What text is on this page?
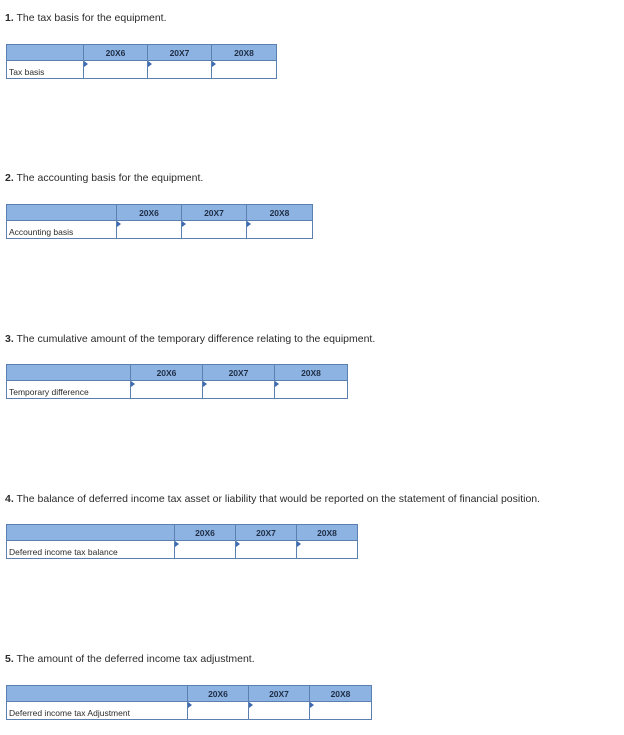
1. The tax basis for the equipment.
	20X6	20X7	20X8
Tax basis	

2. The accounting basis for the equipment.
	20X6	20X7	20X8
Accounting basis	

3. The cumulative amount of the temporary difference relating to the equipment.
	20X6	20X7	20X8
Temporary difference	

4. The balance of deferred income tax asset or liability that would be reported on the statement of financial position.
	20X6	20X7	20X8
Deferred income tax balance	

5. The amount of the deferred income tax adjustment.
	20X6	20X7	20X8
Deferred income tax Adjustment	
